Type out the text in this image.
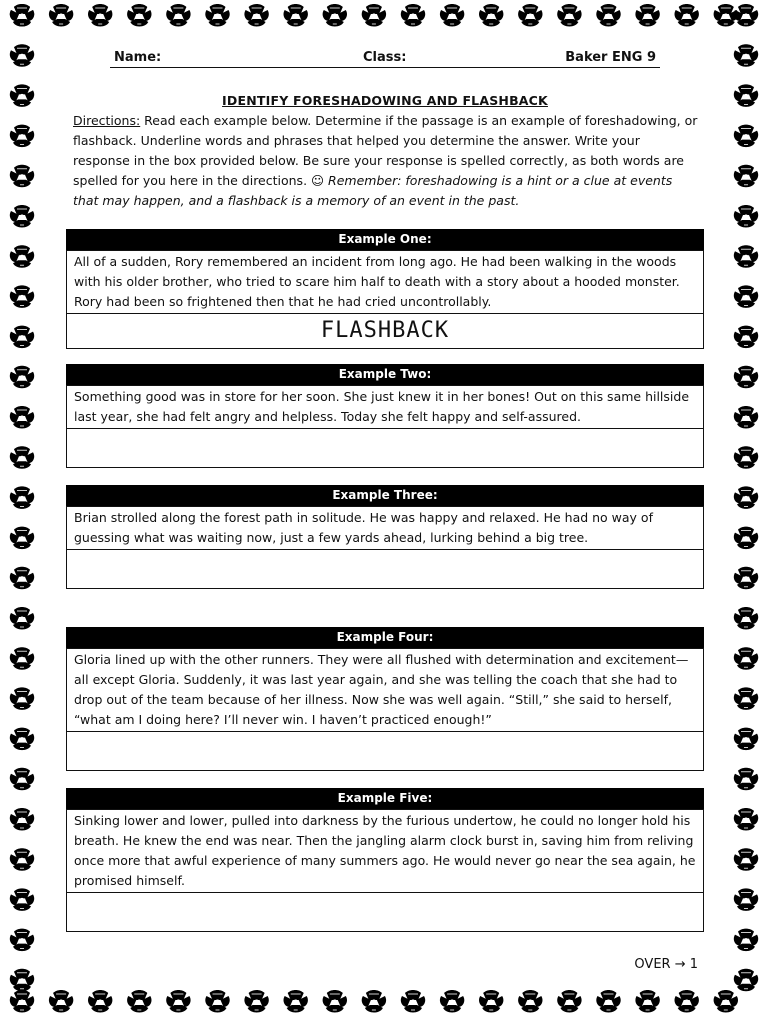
Name:	Class:	Baker ENG 9
IDENTIFY FORESHADOWING AND FLASHBACK
Directions: Read each example below. Determine if the passage is an example of foreshadowing, or flashback. Underline words and phrases that helped you determine the answer. Write your response in the box provided below. Be sure your response is spelled correctly, as both words are spelled for you here in the directions. ☺ Remember: foreshadowing is a hint or a clue at events that may happen, and a flashback is a memory of an event in the past.
Example One:
All of a sudden, Rory remembered an incident from long ago. He had been walking in the woods with his older brother, who tried to scare him half to death with a story about a hooded monster. Rory had been so frightened then that he had cried uncontrollably.
FLASHBACK
Example Two:
Something good was in store for her soon. She just knew it in her bones! Out on this same hillside last year, she had felt angry and helpless. Today she felt happy and self-assured.
Example Three:
Brian strolled along the forest path in solitude. He was happy and relaxed. He had no way of guessing what was waiting now, just a few yards ahead, lurking behind a big tree.
Example Four:
Gloria lined up with the other runners. They were all flushed with determination and excitement—all except Gloria. Suddenly, it was last year again, and she was telling the coach that she had to drop out of the team because of her illness. Now she was well again. “Still,” she said to herself, “what am I doing here? I’ll never win. I haven’t practiced enough!”
Example Five:
Sinking lower and lower, pulled into darkness by the furious undertow, he could no longer hold his breath. He knew the end was near. Then the jangling alarm clock burst in, saving him from reliving once more that awful experience of many summers ago. He would never go near the sea again, he promised himself.
OVER → 1
